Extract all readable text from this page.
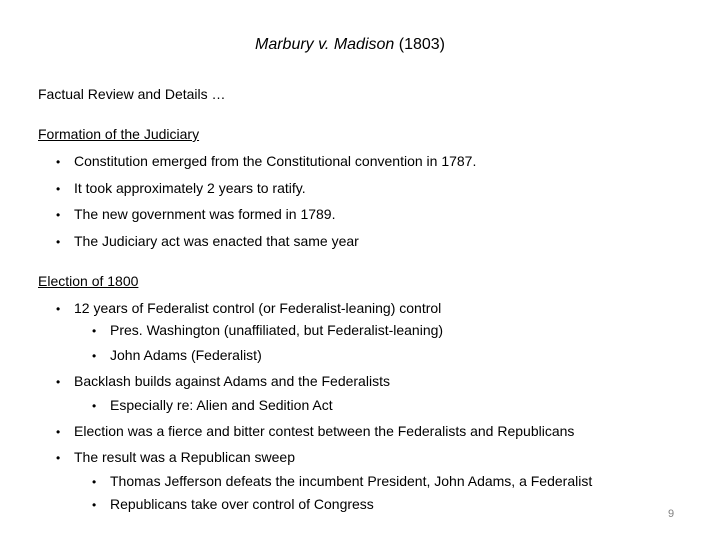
Marbury v. Madison (1803)
Factual Review and Details …
Formation of the Judiciary
• Constitution emerged from the Constitutional convention in 1787.
• It took approximately 2 years to ratify.
• The new government was formed in 1789.
• The Judiciary act was enacted that same year
Election of 1800
• 12 years of Federalist control (or Federalist-leaning) control
• Pres. Washington (unaffiliated, but Federalist-leaning)
• John Adams (Federalist)
• Backlash builds against Adams and the Federalists
• Especially re: Alien and Sedition Act
• Election was a fierce and bitter contest between the Federalists and Republicans
• The result was a Republican sweep
• Thomas Jefferson defeats the incumbent President, John Adams, a Federalist
• Republicans take over control of Congress
9
